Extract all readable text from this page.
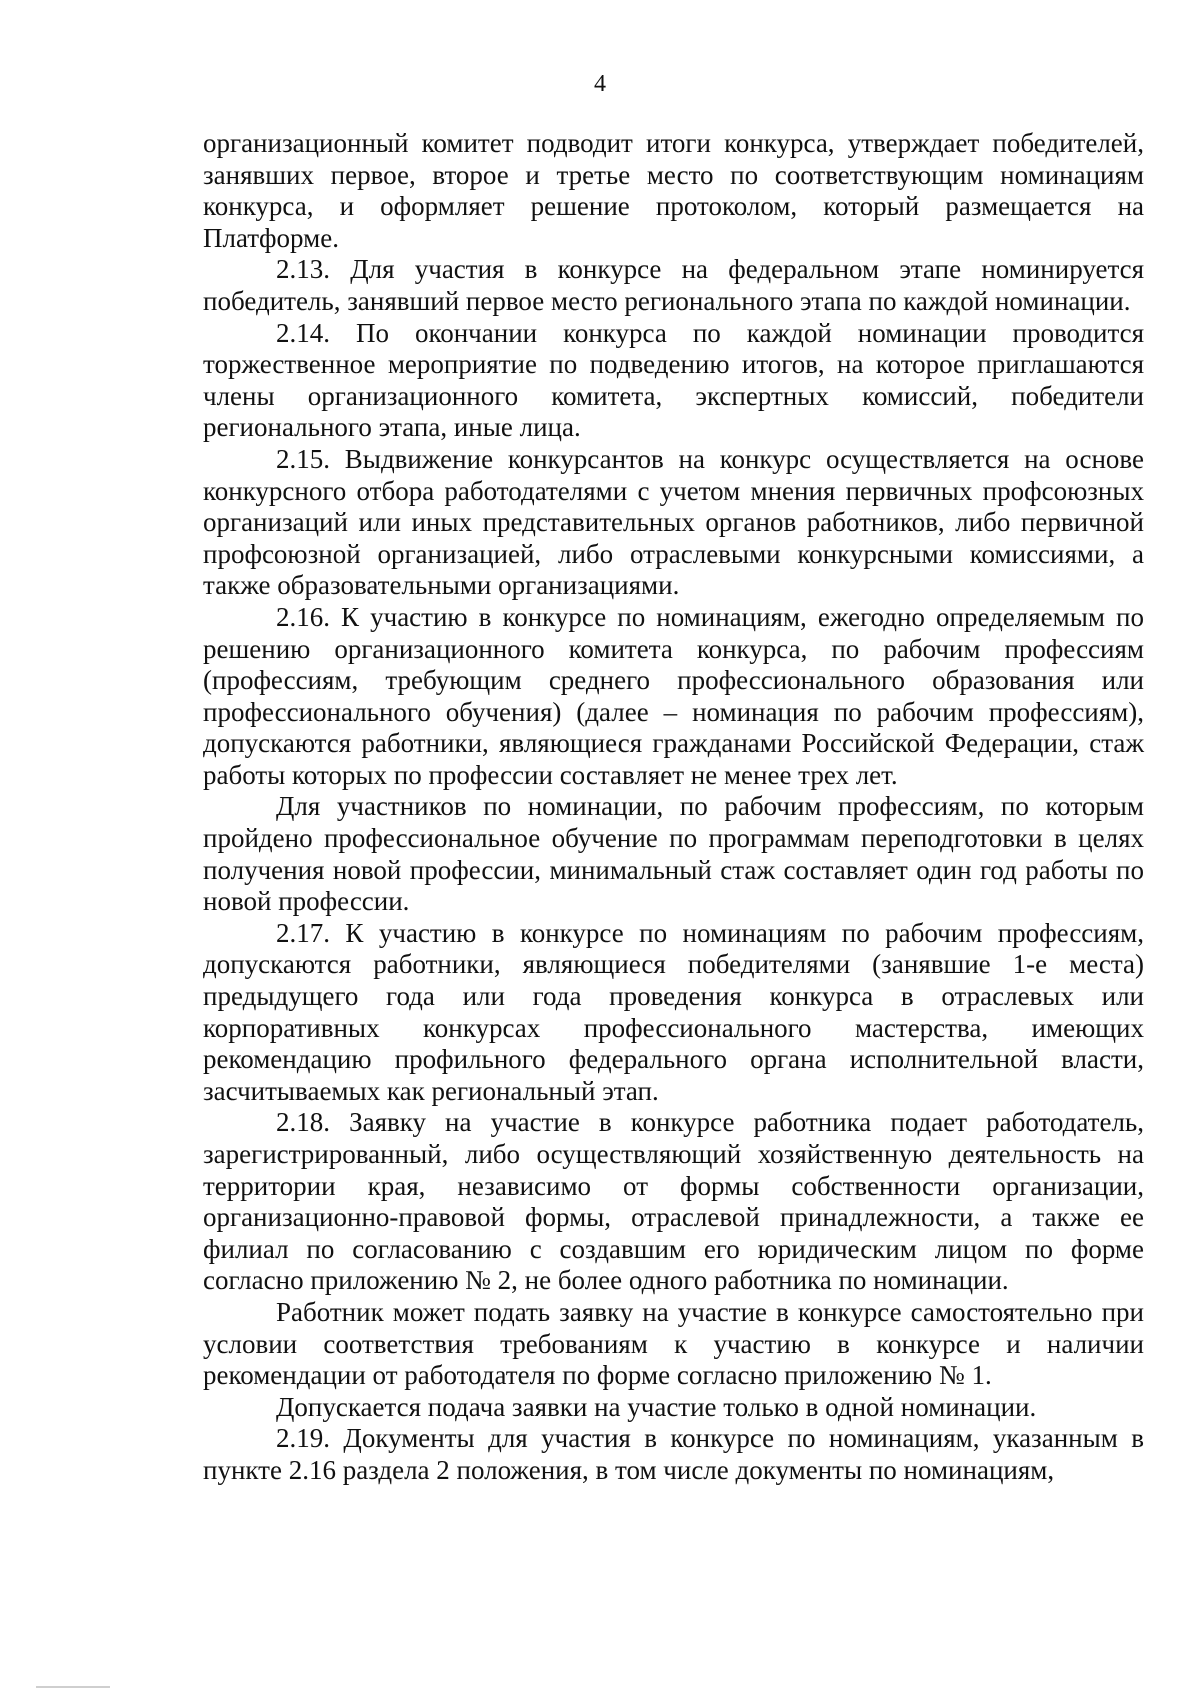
4

организационный комитет подводит итоги конкурса, утверждает победителей, занявших первое, второе и третье место по соответствующим номинациям конкурса, и оформляет решение протоколом, который размещается на Платформе.

2.13. Для участия в конкурсе на федеральном этапе номинируется победитель, занявший первое место регионального этапа по каждой номинации.

2.14. По окончании конкурса по каждой номинации проводится торжественное мероприятие по подведению итогов, на которое приглашаются члены организационного комитета, экспертных комиссий, победители регионального этапа, иные лица.

2.15. Выдвижение конкурсантов на конкурс осуществляется на основе конкурсного отбора работодателями с учетом мнения первичных профсоюзных организаций или иных представительных органов работников, либо первичной профсоюзной организацией, либо отраслевыми конкурсными комиссиями, а также образовательными организациями.

2.16. К участию в конкурсе по номинациям, ежегодно определяемым по решению организационного комитета конкурса, по рабочим профессиям (профессиям, требующим среднего профессионального образования или профессионального обучения) (далее – номинация по рабочим профессиям), допускаются работники, являющиеся гражданами Российской Федерации, стаж работы которых по профессии составляет не менее трех лет.

Для участников по номинации, по рабочим профессиям, по которым пройдено профессиональное обучение по программам переподготовки в целях получения новой профессии, минимальный стаж составляет один год работы по новой профессии.

2.17. К участию в конкурсе по номинациям по рабочим профессиям, допускаются работники, являющиеся победителями (занявшие 1-е места) предыдущего года или года проведения конкурса в отраслевых или корпоративных конкурсах профессионального мастерства, имеющих рекомендацию профильного федерального органа исполнительной власти, засчитываемых как региональный этап.

2.18. Заявку на участие в конкурсе работника подает работодатель, зарегистрированный, либо осуществляющий хозяйственную деятельность на территории края, независимо от формы собственности организации, организационно-правовой формы, отраслевой принадлежности, а также ее филиал по согласованию с создавшим его юридическим лицом по форме согласно приложению № 2, не более одного работника по номинации.

Работник может подать заявку на участие в конкурсе самостоятельно при условии соответствия требованиям к участию в конкурсе и наличии рекомендации от работодателя по форме согласно приложению № 1.

Допускается подача заявки на участие только в одной номинации.

2.19. Документы для участия в конкурсе по номинациям, указанным в пункте 2.16 раздела 2 положения, в том числе документы по номинациям,
